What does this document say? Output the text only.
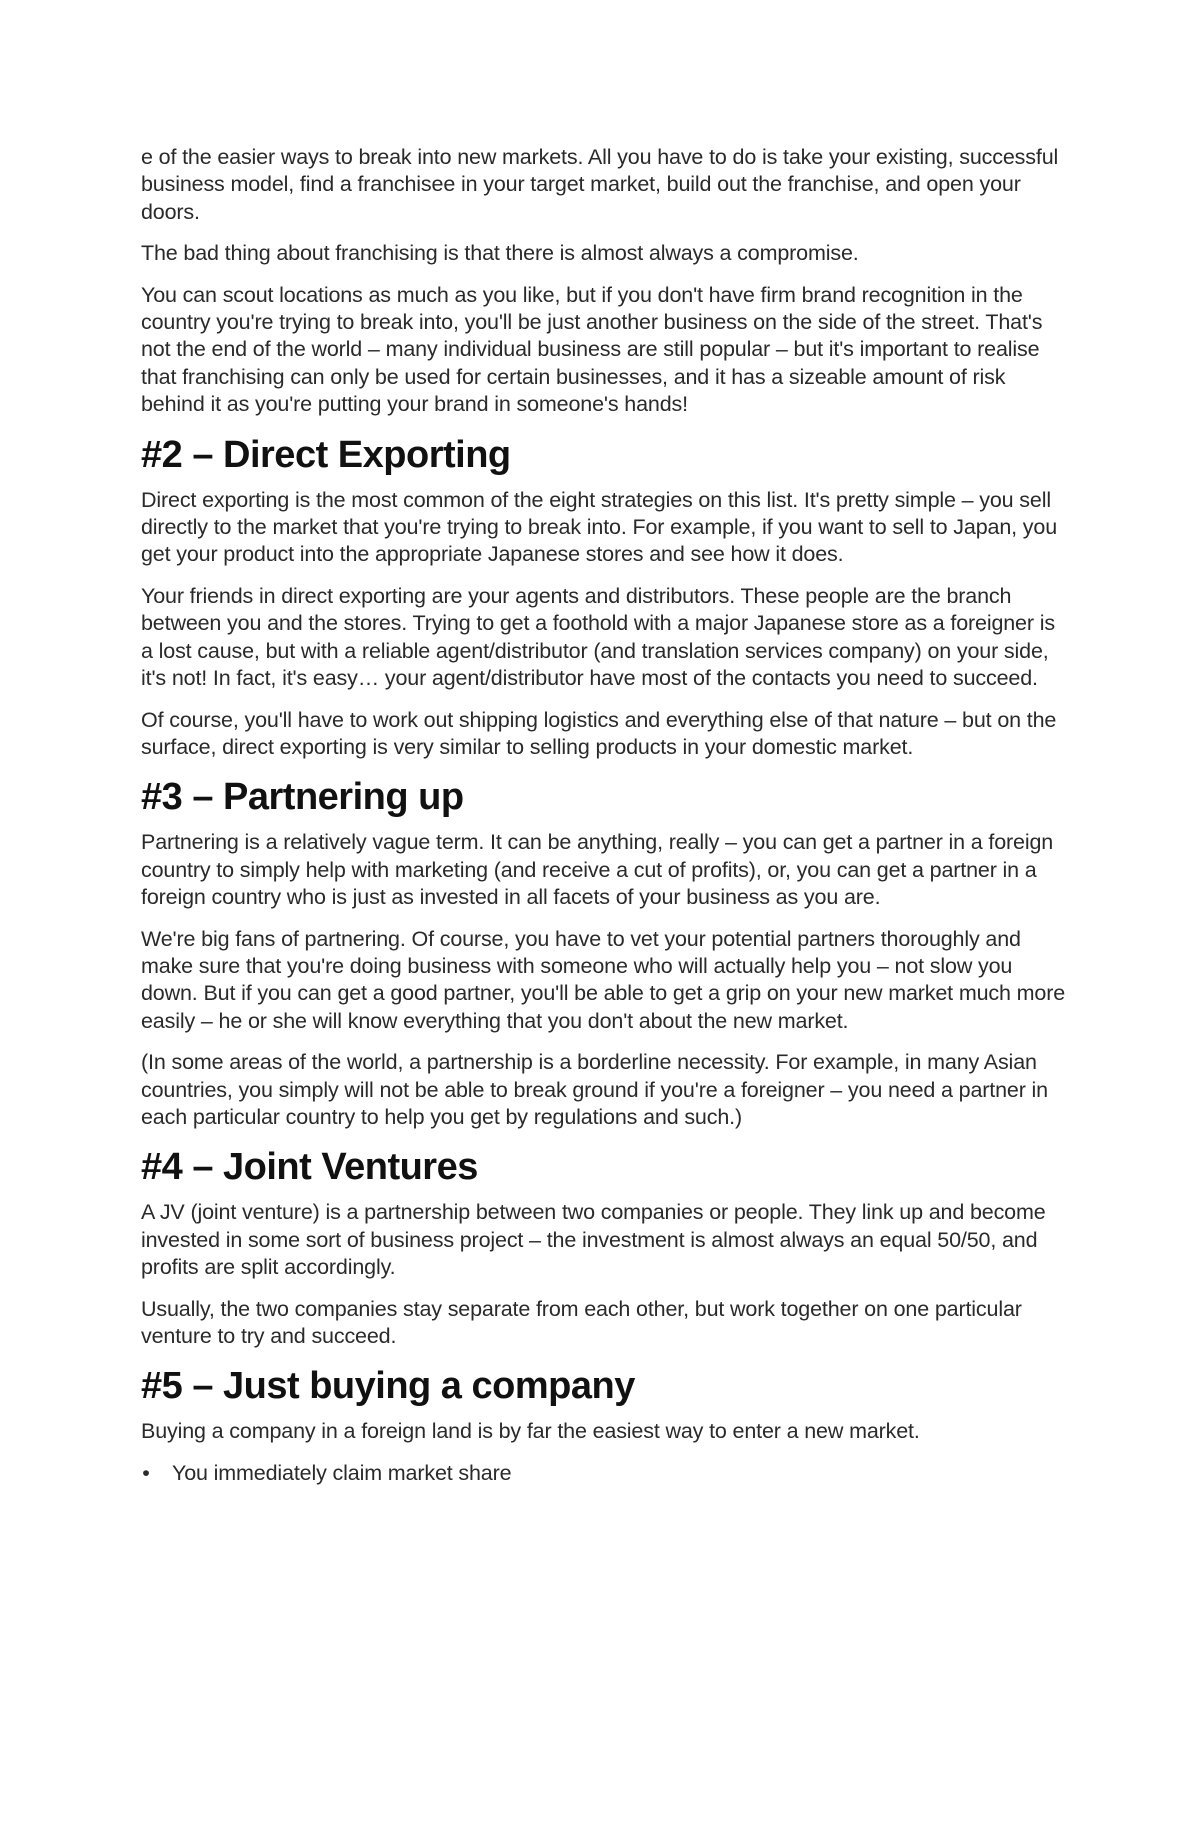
e of the easier ways to break into new markets. All you have to do is take your existing, successful business model, find a franchisee in your target market, build out the franchise, and open your doors.

The bad thing about franchising is that there is almost always a compromise.

You can scout locations as much as you like, but if you don't have firm brand recognition in the country you're trying to break into, you'll be just another business on the side of the street. That's not the end of the world – many individual business are still popular – but it's important to realise that franchising can only be used for certain businesses, and it has a sizeable amount of risk behind it as you're putting your brand in someone's hands!

#2 – Direct Exporting

Direct exporting is the most common of the eight strategies on this list. It's pretty simple – you sell directly to the market that you're trying to break into. For example, if you want to sell to Japan, you get your product into the appropriate Japanese stores and see how it does.

Your friends in direct exporting are your agents and distributors. These people are the branch between you and the stores. Trying to get a foothold with a major Japanese store as a foreigner is a lost cause, but with a reliable agent/distributor (and translation services company) on your side, it's not! In fact, it's easy… your agent/distributor have most of the contacts you need to succeed.

Of course, you'll have to work out shipping logistics and everything else of that nature – but on the surface, direct exporting is very similar to selling products in your domestic market.

#3 – Partnering up

Partnering is a relatively vague term. It can be anything, really – you can get a partner in a foreign country to simply help with marketing (and receive a cut of profits), or, you can get a partner in a foreign country who is just as invested in all facets of your business as you are.

We're big fans of partnering. Of course, you have to vet your potential partners thoroughly and make sure that you're doing business with someone who will actually help you – not slow you down. But if you can get a good partner, you'll be able to get a grip on your new market much more easily – he or she will know everything that you don't about the new market.

(In some areas of the world, a partnership is a borderline necessity. For example, in many Asian countries, you simply will not be able to break ground if you're a foreigner – you need a partner in each particular country to help you get by regulations and such.)

#4 – Joint Ventures

A JV (joint venture) is a partnership between two companies or people. They link up and become invested in some sort of business project – the investment is almost always an equal 50/50, and profits are split accordingly.

Usually, the two companies stay separate from each other, but work together on one particular venture to try and succeed.

#5 – Just buying a company

Buying a company in a foreign land is by far the easiest way to enter a new market.

• You immediately claim market share
